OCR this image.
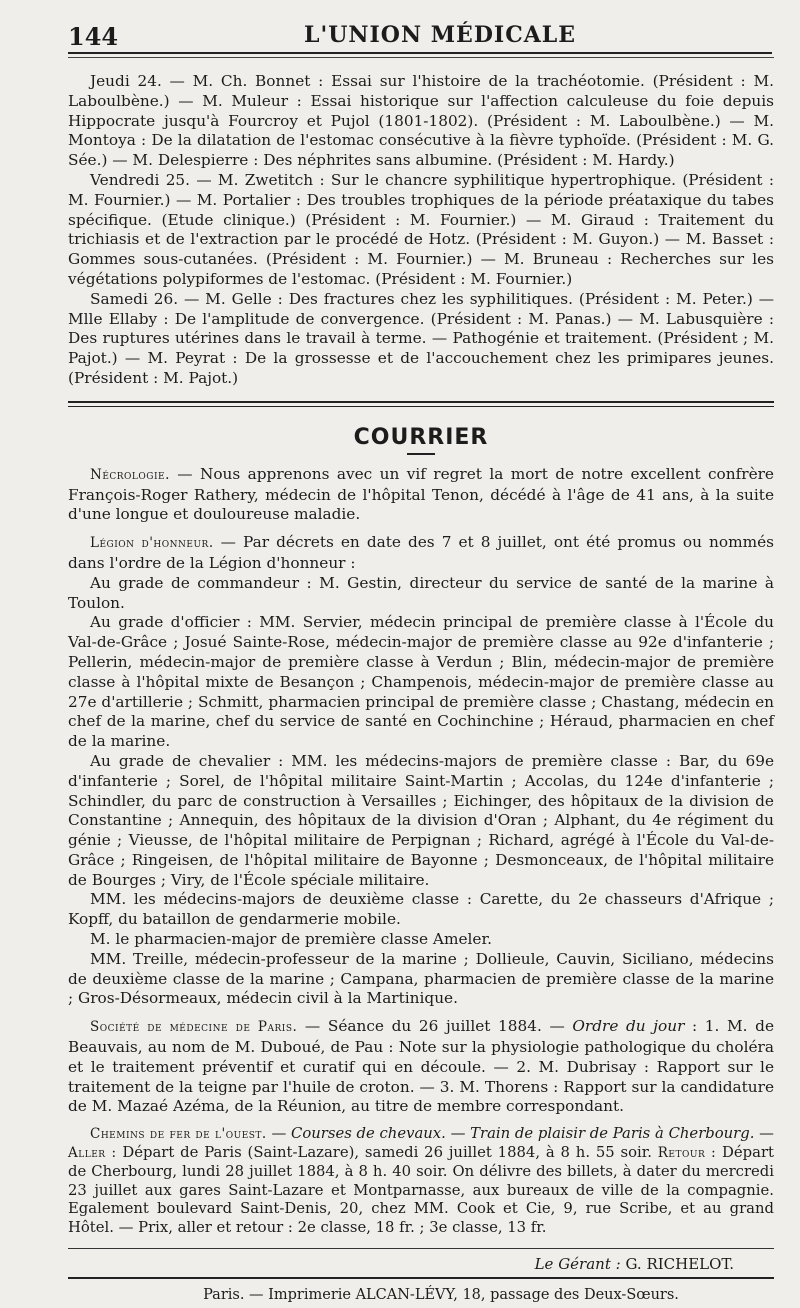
144	L'UNION MÉDICALE

Jeudi 24. — M. Ch. Bonnet : Essai sur l'histoire de la trachéotomie. (Président : M. Laboulbène.) — M. Muleur : Essai historique sur l'affection calculeuse du foie depuis Hippocrate jusqu'à Fourcroy et Pujol (1801-1802). (Président : M. Laboulbène.) — M. Montoya : De la dilatation de l'estomac consécutive à la fièvre typhoïde. (Président : M. G. Sée.) — M. Delespierre : Des néphrites sans albumine. (Président : M. Hardy.)

Vendredi 25. — M. Zwetitch : Sur le chancre syphilitique hypertrophique. (Président : M. Fournier.) — M. Portalier : Des troubles trophiques de la période préataxique du tabes spécifique. (Etude clinique.) (Président : M. Fournier.) — M. Giraud : Traitement du trichiasis et de l'extraction par le procédé de Hotz. (Président : M. Guyon.) — M. Basset : Gommes sous-cutanées. (Président : M. Fournier.) — M. Bruneau : Recherches sur les végétations polypiformes de l'estomac. (Président : M. Fournier.)

Samedi 26. — M. Gelle : Des fractures chez les syphilitiques. (Président : M. Peter.) — Mlle Ellaby : De l'amplitude de convergence. (Président : M. Panas.) — M. Labusquière : Des ruptures utérines dans le travail à terme. — Pathogénie et traitement. (Président ; M. Pajot.) — M. Peyrat : De la grossesse et de l'accouchement chez les primipares jeunes. (Président : M. Pajot.)

COURRIER

Nécrologie. — Nous apprenons avec un vif regret la mort de notre excellent confrère François-Roger Rathery, médecin de l'hôpital Tenon, décédé à l'âge de 41 ans, à la suite d'une longue et douloureuse maladie.

Légion d'honneur. — Par décrets en date des 7 et 8 juillet, ont été promus ou nommés dans l'ordre de la Légion d'honneur :

Au grade de commandeur : M. Gestin, directeur du service de santé de la marine à Toulon.

Au grade d'officier : MM. Servier, médecin principal de première classe à l'École du Val-de-Grâce ; Josué Sainte-Rose, médecin-major de première classe au 92e d'infanterie ; Pellerin, médecin-major de première classe à Verdun ; Blin, médecin-major de première classe à l'hôpital mixte de Besançon ; Champenois, médecin-major de première classe au 27e d'artillerie ; Schmitt, pharmacien principal de première classe ; Chastang, médecin en chef de la marine, chef du service de santé en Cochinchine ; Héraud, pharmacien en chef de la marine.

Au grade de chevalier : MM. les médecins-majors de première classe : Bar, du 69e d'infanterie ; Sorel, de l'hôpital militaire Saint-Martin ; Accolas, du 124e d'infanterie ; Schindler, du parc de construction à Versailles ; Eichinger, des hôpitaux de la division de Constantine ; Annequin, des hôpitaux de la division d'Oran ; Alphant, du 4e régiment du génie ; Vieusse, de l'hôpital militaire de Perpignan ; Richard, agrégé à l'École du Val-de-Grâce ; Ringeisen, de l'hôpital militaire de Bayonne ; Desmonceaux, de l'hôpital militaire de Bourges ; Viry, de l'École spéciale militaire.

MM. les médecins-majors de deuxième classe : Carette, du 2e chasseurs d'Afrique ; Kopff, du bataillon de gendarmerie mobile.

M. le pharmacien-major de première classe Ameler.

MM. Treille, médecin-professeur de la marine ; Dollieule, Cauvin, Siciliano, médecins de deuxième classe de la marine ; Campana, pharmacien de première classe de la marine ; Gros-Désormeaux, médecin civil à la Martinique.

Société de médecine de Paris. — Séance du 26 juillet 1884. — Ordre du jour : 1. M. de Beauvais, au nom de M. Duboué, de Pau : Note sur la physiologie pathologique du choléra et le traitement préventif et curatif qui en découle. — 2. M. Dubrisay : Rapport sur le traitement de la teigne par l'huile de croton. — 3. M. Thorens : Rapport sur la candidature de M. Mazaé Azéma, de la Réunion, au titre de membre correspondant.

Chemins de fer de l'ouest. — Courses de chevaux. — Train de plaisir de Paris à Cherbourg. — Aller : Départ de Paris (Saint-Lazare), samedi 26 juillet 1884, à 8 h. 55 soir. Retour : Départ de Cherbourg, lundi 28 juillet 1884, à 8 h. 40 soir. On délivre des billets, à dater du mercredi 23 juillet aux gares Saint-Lazare et Montparnasse, aux bureaux de ville de la compagnie. Egalement boulevard Saint-Denis, 20, chez MM. Cook et Cie, 9, rue Scribe, et au grand Hôtel. — Prix, aller et retour : 2e classe, 18 fr. ; 3e classe, 13 fr.

Le Gérant : G. RICHELOT.
Paris. — Imprimerie ALCAN-LÉVY, 18, passage des Deux-Sœurs.
